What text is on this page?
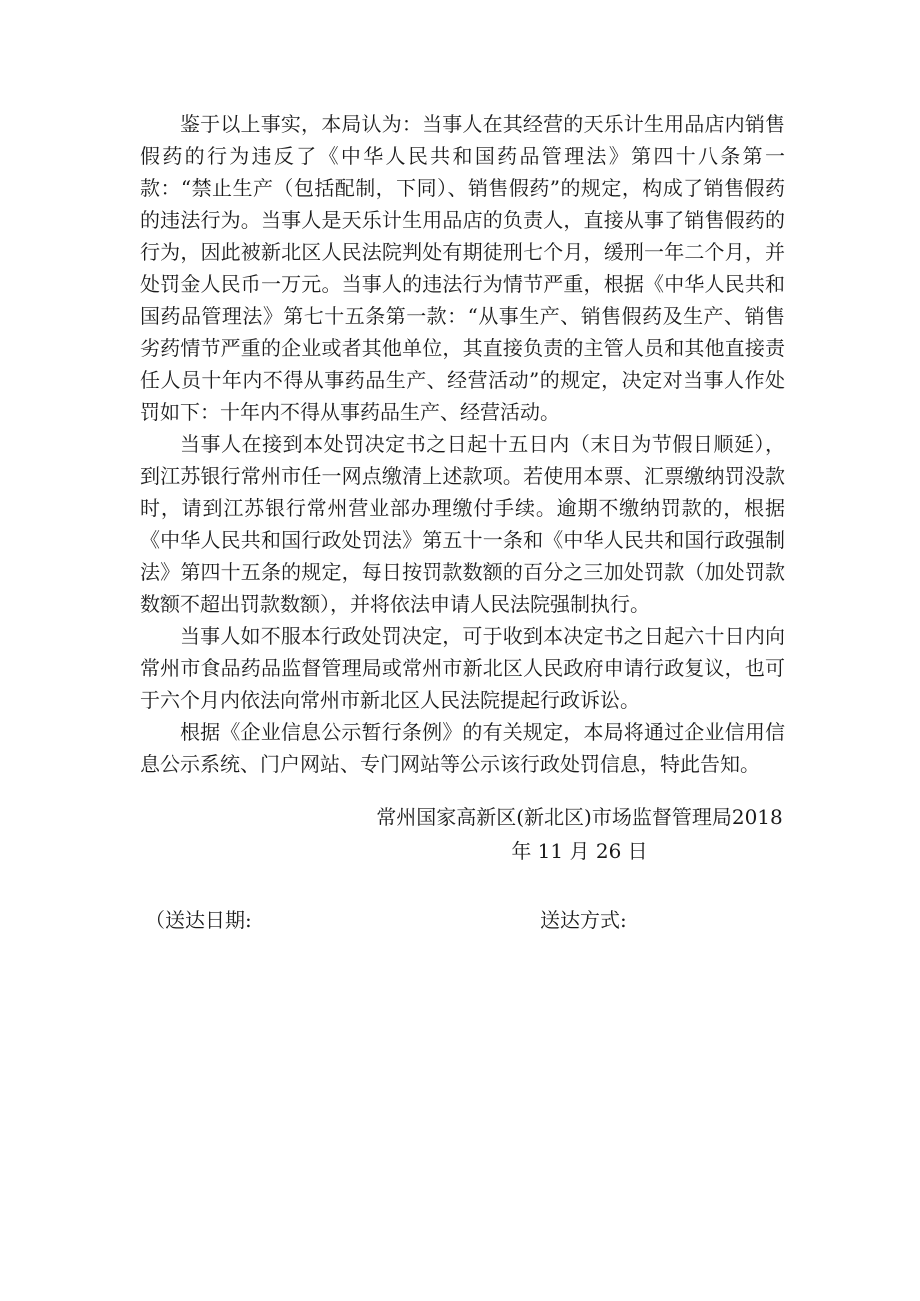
鉴于以上事实，本局认为：当事人在其经营的天乐计生用品店内销售假药的行为违反了《中华人民共和国药品管理法》第四十八条第一款：“禁止生产（包括配制，下同）、销售假药”的规定，构成了销售假药的违法行为。当事人是天乐计生用品店的负责人，直接从事了销售假药的行为，因此被新北区人民法院判处有期徒刑七个月，缓刑一年二个月，并处罚金人民币一万元。当事人的违法行为情节严重，根据《中华人民共和国药品管理法》第七十五条第一款：“从事生产、销售假药及生产、销售劣药情节严重的企业或者其他单位，其直接负责的主管人员和其他直接责任人员十年内不得从事药品生产、经营活动”的规定，决定对当事人作处罚如下：十年内不得从事药品生产、经营活动。

当事人在接到本处罚决定书之日起十五日内（末日为节假日顺延），到江苏银行常州市任一网点缴清上述款项。若使用本票、汇票缴纳罚没款时，请到江苏银行常州营业部办理缴付手续。逾期不缴纳罚款的，根据《中华人民共和国行政处罚法》第五十一条和《中华人民共和国行政强制法》第四十五条的规定，每日按罚款数额的百分之三加处罚款（加处罚款数额不超出罚款数额），并将依法申请人民法院强制执行。

当事人如不服本行政处罚决定，可于收到本决定书之日起六十日内向常州市食品药品监督管理局或常州市新北区人民政府申请行政复议，也可于六个月内依法向常州市新北区人民法院提起行政诉讼。

根据《企业信息公示暂行条例》的有关规定，本局将通过企业信用信息公示系统、门户网站、专门网站等公示该行政处罚信息，特此告知。

常州国家高新区(新北区)市场监督管理局2018
年 11 月 26 日
（送达日期:	送达方式:
